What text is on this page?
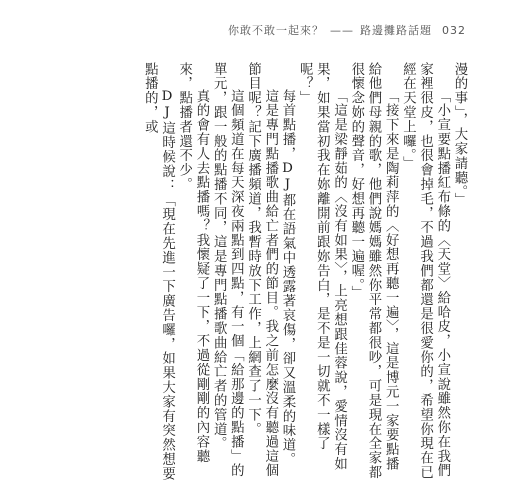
你敢不敢一起來？ —— 路邊攤路話題 032

漫的事」，大家請聽。」

「小宣要點播紅布條的〈天堂〉給哈皮，小宣說雖然你在我們家裡很皮，也很會掉毛，不過我們都還是很愛你的，希望你現在已經在天堂上囉。」

「接下來是陶莉萍的〈好想再聽一遍〉，這是博元一家要點播給他們母親的歌，他們說媽媽雖然你平常都很吵，可是現在全家都很懷念妳的聲音，好想再聽一遍喔。」

「這是梁靜茹的〈沒有如果〉，上亮想跟佳蓉說，愛情沒有如果，如果當初我在妳離開前跟妳告白，是不是一切就不一樣了呢？」

每首點播，DJ都在語氣中透露著哀傷，卻又溫柔的味道。

這是專門點播歌曲給亡者們的節目。我之前怎麼沒有聽過這個節目呢？記下廣播頻道，我暫時放下工作，上網查了一下。

這個頻道在每天深夜兩點到四點，有一個「給那邊的點播」的單元，跟一般的點播不同，這是專門點播歌曲給亡者的管道。

真的會有人去點播嗎？我懷疑了一下，不過從剛剛的內容聽來，點播者還不少。

DJ這時候說：「現在先進一下廣告囉，如果大家有突然想要點播的，或
